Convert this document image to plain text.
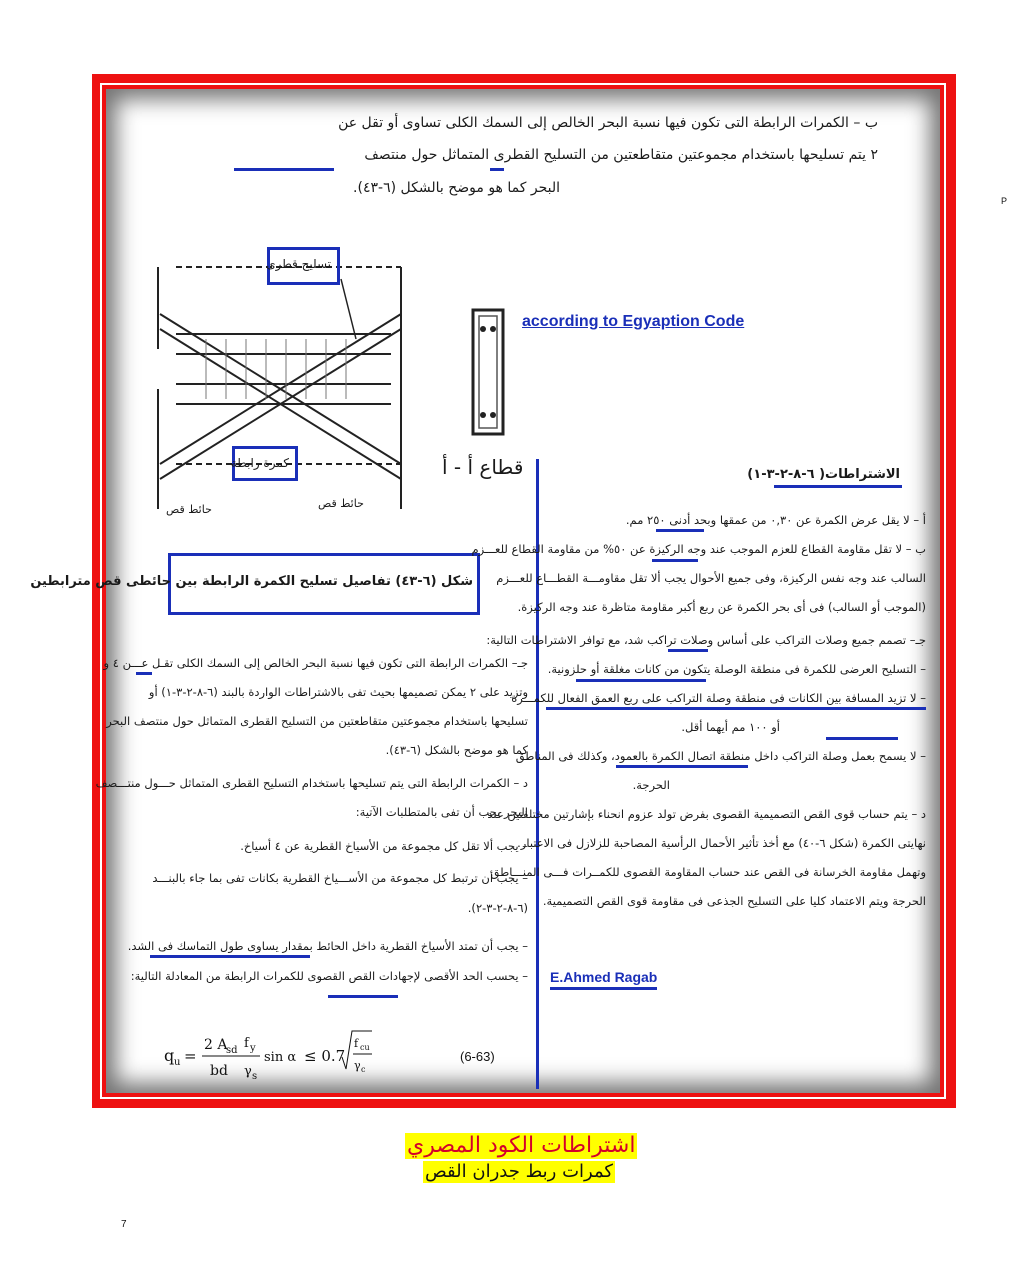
ب – الكمرات الرابطة التى تكون فيها نسبة البحر الخالص إلى السمك الكلى تساوى أو تقل عن
٢ يتم تسليحها باستخدام مجموعتين متقاطعتين من التسليح القطرى المتماثل حول منتصف
البحر كما هو موضح بالشكل (٦-٤٣).
تسليح قطرى
كمرة رابطة
حائط قص	حائط قص
قطاع أ - أ
according to Egyaption Code
شكل (٦-٤٣) تفاصيل تسليح الكمرة الرابطة بين حائطى قص مترابطين
الاشتراطات( ٦-٨-٢-٣-١)
أ – لا يقل عرض الكمرة عن ٠,٣٠ من عمقها وبحد أدنى ٢٥٠ مم.
ب – لا تقل مقاومة القطاع للعزم الموجب عند وجه الركيزة عن ٥٠% من مقاومة القطاع للعـــزم
السالب عند وجه نفس الركيزة، وفى جميع الأحوال يجب ألا تقل مقاومـــة القطـــاع للعـــزم
(الموجب أو السالب) فى أى بحر الكمرة عن ربع أكبر مقاومة متاظرة عند وجه الركيزة.
جـ– تصمم جميع وصلات التراكب على أساس وصلات تراكب شد، مع توافر الاشتراطات التالية:
– التسليح العرضى للكمرة فى منطقة الوصلة يتكون من كانات مغلقة أو حلزونية.
– لا تزيد المسافة بين الكانات فى منطقة وصلة التراكب على ربع العمق الفعال للكمـــرة
أو ١٠٠ مم أيهما أقل.
– لا يسمح بعمل وصلة التراكب داخل منطقة اتصال الكمرة بالعمود، وكذلك فى المناطق
الحرجة.
د – يتم حساب قوى القص التصميمية القصوى بفرض تولد عزوم انحناء بإشارتين مختلفتين عند
نهايتى الكمرة (شكل ٦-٤٠) مع أخذ تأثير الأحمال الرأسية المصاحبة للزلازل فى الاعتبار.
وتهمل مقاومة الخرسانة فى القص عند حساب المقاومة القصوى للكمــرات فـــى المنـــاطق
الحرجة ويتم الاعتماد كليا على التسليح الجذعى فى مقاومة قوى القص التصميمية.
E.Ahmed Ragab
جـ– الكمرات الرابطة التى تكون فيها نسبة البحر الخالص إلى السمك الكلى تقـل عـــن ٤ و
وتزيد على ٢ يمكن تصميمها بحيث تفى بالاشتراطات الواردة بالبند (٦-٨-٢-٣-١) أو
تسليحها باستخدام مجموعتين متقاطعتين من التسليح القطرى المتماثل حول منتصف البحر
كما هو موضح بالشكل (٦-٤٣).
د – الكمرات الرابطة التى يتم تسليحها باستخدام التسليح القطرى المتماثل حـــول منتـــصف
البحر يجب أن تفى بالمتطلبات الآتية:
– يجب ألا تقل كل مجموعة من الأسياخ القطرية عن ٤ أسياخ.
– يجب أن ترتبط كل مجموعة من الأســـياخ القطرية بكانات تفى بما جاء بالبنـــد
(٦-٨-٢-٣-٢).
– يجب أن تمتد الأسياخ القطرية داخل الحائط بمقدار يساوى طول التماسك فى الشد.
– يحسب الحد الأقصى لإجهادات القص القصوى للكمرات الرابطة من المعادلة التالية:
q u =
2 A
sd
bd
f y
γ s
sin α ≤ 0.7
f cu
γ c
(6-63)
P
اشتراطات الكود المصري
كمرات ربط جدران القص
7
